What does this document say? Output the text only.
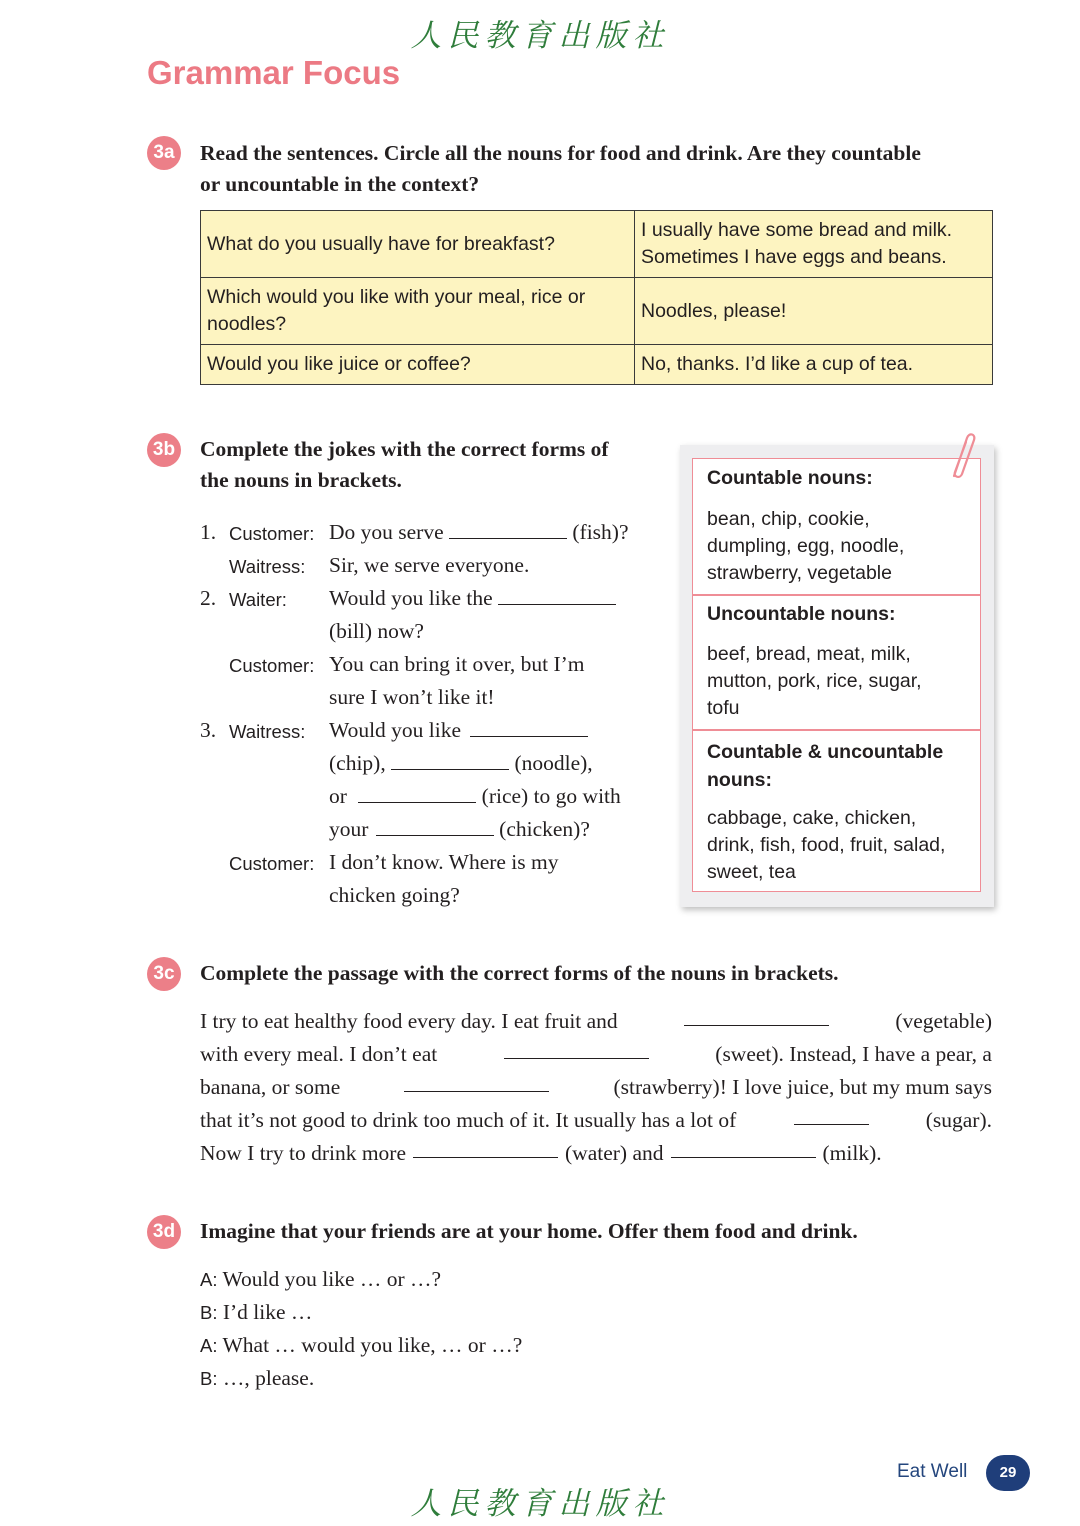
人民教育出版社
Grammar Focus
3a Read the sentences. Circle all the nouns for food and drink. Are they countable
or uncountable in the context?
What do you usually have for breakfast?	I usually have some bread and milk.
Sometimes I have eggs and beans.

Which would you like with your meal, rice or
noodles?	Noodles, please!
Would you like juice or coffee?	No, thanks. I’d like a cup of tea.
3b Complete the jokes with the correct forms of
the nouns in brackets.
1. Customer: Do you serve	(fish)?
Waitress: Sir, we serve everyone.
2. Waiter: Would you like the
(bill) now?
Customer: You can bring it over, but I’m
sure I won’t like it!
3. Waitress: Would you like
(chip),	(noodle),
or	(rice) to go with
your	(chicken)?
Customer: I don’t know. Where is my
chicken going?
Countable nouns:
bean, chip, cookie,
dumpling, egg, noodle,
strawberry, vegetable
Uncountable nouns:
beef, bread, meat, milk,
mutton, pork, rice, sugar,
tofu
Countable & uncountable
nouns:
cabbage, cake, chicken,
drink, fish, food, fruit, salad,
sweet, tea
3c Complete the passage with the correct forms of the nouns in brackets.
I try to eat healthy food every day. I eat fruit and	(vegetable)
with every meal. I don’t eat	(sweet). Instead, I have a pear, a
banana, or some	(strawberry)! I love juice, but my mum says
that it’s not good to drink too much of it. It usually has a lot of	(sugar).
Now I try to drink more	(water) and	(milk).
3d Imagine that your friends are at your home. Offer them food and drink.
A: Would you like … or …?
B: I’d like …
A: What … would you like, … or …?
B: …, please.
人民教育出版社
Eat Well	29
